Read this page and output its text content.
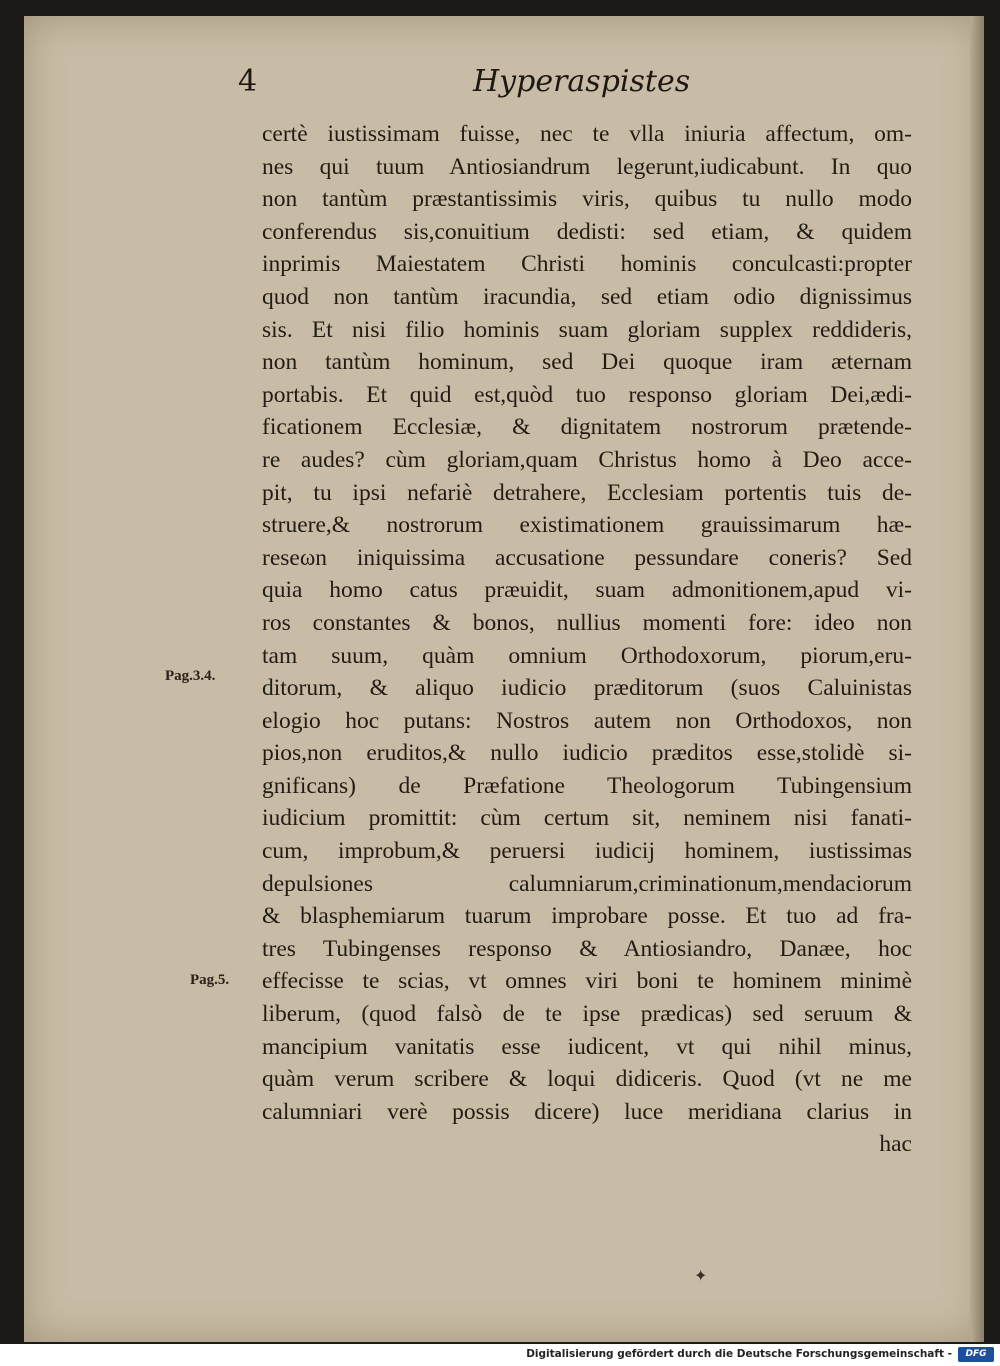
4	Hyperaspistes
certè iustissimam fuisse, nec te vlla iniuria affectum, om-
nes qui tuum Antiosiandrum legerunt,iudicabunt. In quo
non tantùm præstantissimis viris, quibus tu nullo modo
conferendus sis,conuitium dedisti: sed etiam, & quidem
inprimis Maiestatem Christi hominis conculcasti:propter
quod non tantùm iracundia, sed etiam odio dignissimus
sis. Et nisi filio hominis suam gloriam supplex reddideris,
non tantùm hominum, sed Dei quoque iram æternam
portabis. Et quid est,quòd tuo responso gloriam Dei,ædi-
ficationem Ecclesiæ, & dignitatem nostrorum prætende-
re audes? cùm gloriam,quam Christus homo à Deo acce-
pit, tu ipsi nefariè detrahere, Ecclesiam portentis tuis de-
struere,& nostrorum existimationem grauissimarum hæ-
reseωn iniquissima accusatione pessundare coneris? Sed
quia homo catus præuidit, suam admonitionem,apud vi-
ros constantes & bonos, nullius momenti fore: ideo non
tam suum, quàm omnium Orthodoxorum, piorum,eru-
ditorum, & aliquo iudicio præditorum (suos Caluinistas
elogio hoc putans: Nostros autem non Orthodoxos, non
pios,non eruditos,& nullo iudicio præditos esse,stolidè si-
gnificans) de Præfatione Theologorum Tubingensium
iudicium promittit: cùm certum sit, neminem nisi fanati-
cum, improbum,& peruersi iudicij hominem, iustissimas
depulsiones calumniarum,criminationum,mendaciorum
& blasphemiarum tuarum improbare posse. Et tuo ad fra-
tres Tubingenses responso & Antiosiandro, Danæe, hoc
effecisse te scias, vt omnes viri boni te hominem minimè
liberum, (quod falsò de te ipse prædicas) sed seruum &
mancipium vanitatis esse iudicent, vt qui nihil minus,
quàm verum scribere & loqui didiceris. Quod (vt ne me
calumniari verè possis dicere) luce meridiana clarius in
hac
Pag.3.4.
Pag.5.
✦
Digitalisierung gefördert durch die Deutsche Forschungsgemeinschaft -	DFG
